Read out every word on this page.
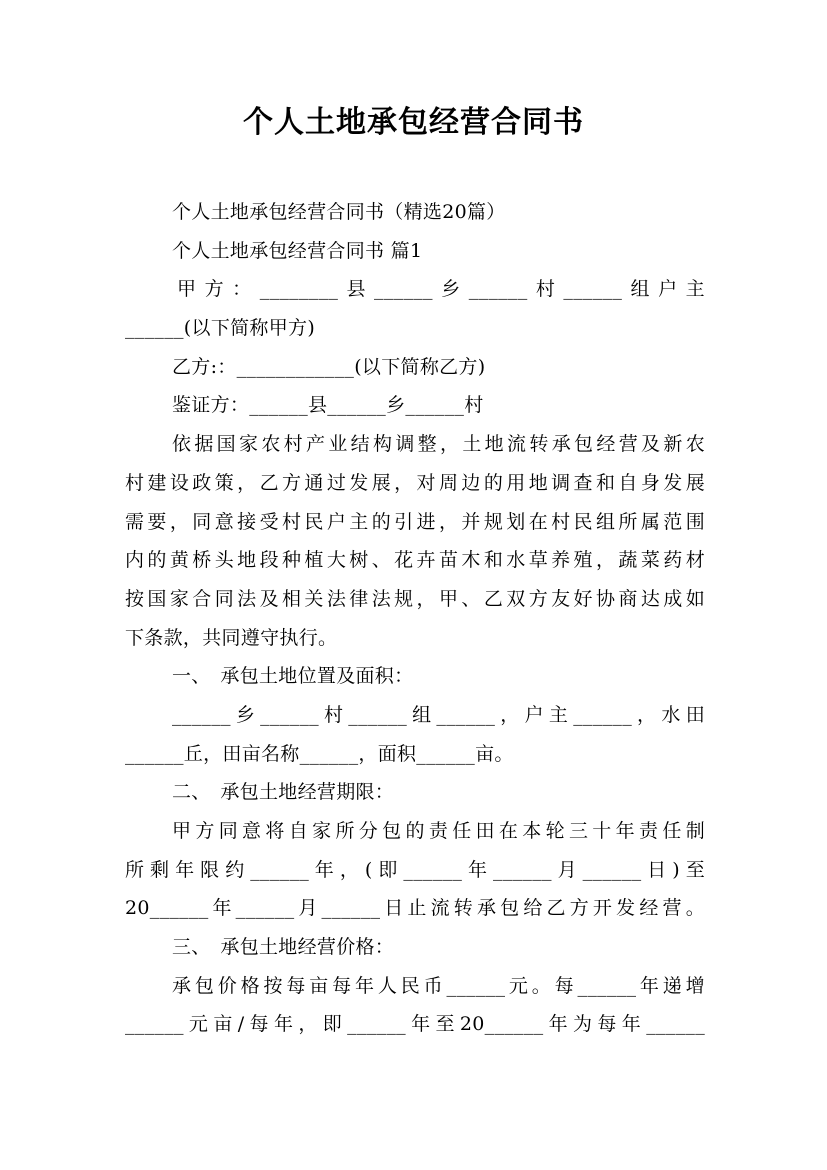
个人土地承包经营合同书
个人土地承包经营合同书（精选20篇）
个人土地承包经营合同书 篇1
甲方：________县______乡______村______组户主
______(以下简称甲方)
乙方:：____________(以下简称乙方)
鉴证方：______县______乡______村
依据国家农村产业结构调整，土地流转承包经营及新农
村建设政策，乙方通过发展，对周边的用地调查和自身发展
需要，同意接受村民户主的引进，并规划在村民组所属范围
内的黄桥头地段种植大树、花卉苗木和水草养殖，蔬菜药材
按国家合同法及相关法律法规，甲、乙双方友好协商达成如
下条款，共同遵守执行。
一、　承包土地位置及面积：
______乡______村______组______，户主______，水田
______丘，田亩名称______，面积______亩。
二、　承包土地经营期限：
甲方同意将自家所分包的责任田在本轮三十年责任制
所剩年限约______年，(即______年______月______日)至
20______年______月______日止流转承包给乙方开发经营。
三、　承包土地经营价格：
承包价格按每亩每年人民币______元。每______年递增
______元亩/每年，即______年至20______年为每年______
